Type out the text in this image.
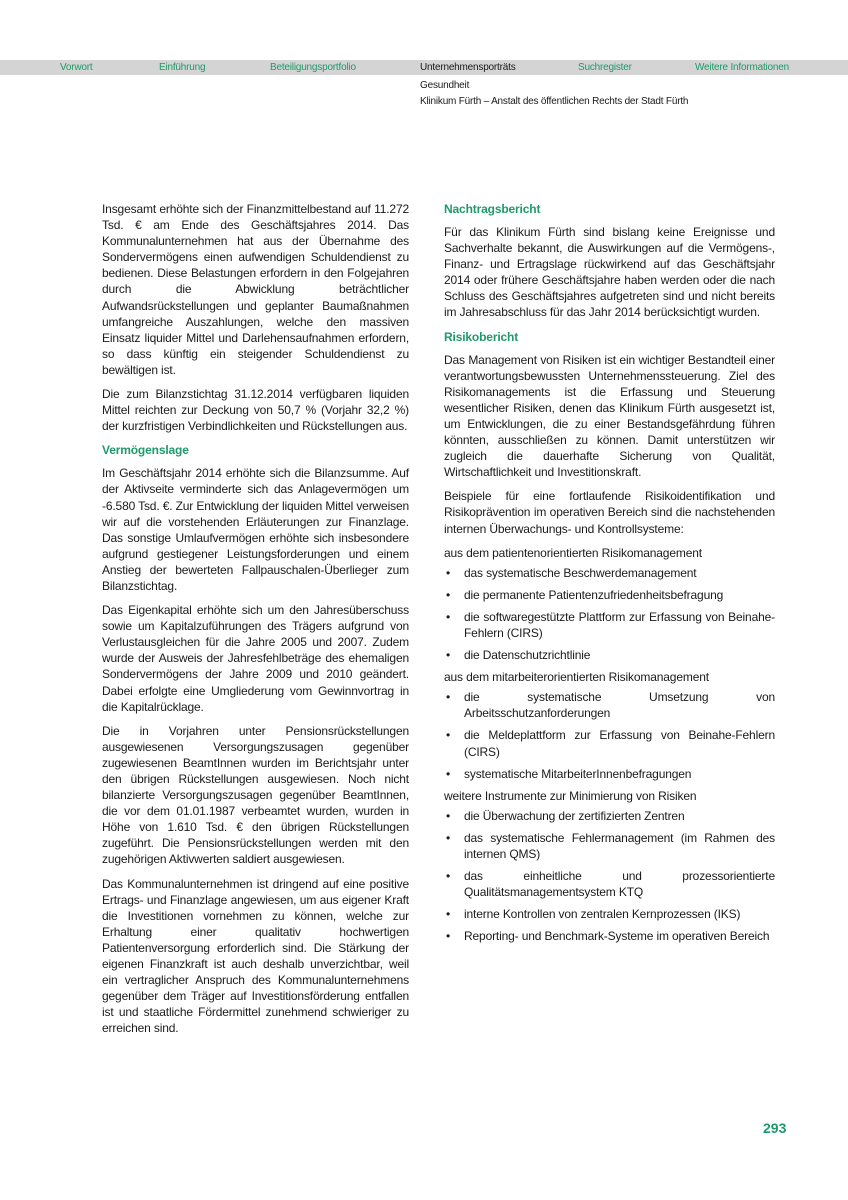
Vorwort	Einführung	Beteiligungsportfolio	Unternehmensporträts	Suchregister	Weitere Informationen
Gesundheit
Klinikum Fürth – Anstalt des öffentlichen Rechts der Stadt Fürth

Insgesamt erhöhte sich der Finanzmittelbestand auf 11.272 Tsd. € am Ende des Geschäftsjahres 2014. Das Kommunalunternehmen hat aus der Übernahme des Sondervermögens einen aufwendigen Schuldendienst zu bedienen. Diese Belastungen erfordern in den Folgejahren durch die Abwicklung beträchtlicher Aufwandsrückstellungen und geplanter Baumaßnahmen umfangreiche Auszahlungen, welche den massiven Einsatz liquider Mittel und Darlehensaufnahmen erfordern, so dass künftig ein steigender Schuldendienst zu bewältigen ist.

Die zum Bilanzstichtag 31.12.2014 verfügbaren liquiden Mittel reichten zur Deckung von 50,7 % (Vorjahr 32,2 %) der kurzfristigen Verbindlichkeiten und Rückstellungen aus.

Vermögenslage

Im Geschäftsjahr 2014 erhöhte sich die Bilanzsumme. Auf der Aktivseite verminderte sich das Anlagevermögen um -6.580 Tsd. €. Zur Entwicklung der liquiden Mittel verweisen wir auf die vorstehenden Erläuterungen zur Finanzlage. Das sonstige Umlaufvermögen erhöhte sich insbesondere aufgrund gestiegener Leistungsforderungen und einem Anstieg der bewerteten Fallpauschalen-Überlieger zum Bilanzstichtag.

Das Eigenkapital erhöhte sich um den Jahresüberschuss sowie um Kapitalzuführungen des Trägers aufgrund von Verlustausgleichen für die Jahre 2005 und 2007. Zudem wurde der Ausweis der Jahresfehlbeträge des ehemaligen Sondervermögens der Jahre 2009 und 2010 geändert. Dabei erfolgte eine Umgliederung vom Gewinnvortrag in die Kapitalrücklage.

Die in Vorjahren unter Pensionsrückstellungen ausgewiesenen Versorgungszusagen gegenüber zugewiesenen BeamtInnen wurden im Berichtsjahr unter den übrigen Rückstellungen ausgewiesen. Noch nicht bilanzierte Versorgungszusagen gegenüber BeamtInnen, die vor dem 01.01.1987 verbeamtet wurden, wurden in Höhe von 1.610 Tsd. € den übrigen Rückstellungen zugeführt. Die Pensionsrückstellungen werden mit den zugehörigen Aktivwerten saldiert ausgewiesen.

Das Kommunalunternehmen ist dringend auf eine positive Ertrags- und Finanzlage angewiesen, um aus eigener Kraft die Investitionen vornehmen zu können, welche zur Erhaltung einer qualitativ hochwertigen Patientenversorgung erforderlich sind. Die Stärkung der eigenen Finanzkraft ist auch deshalb unverzichtbar, weil ein vertraglicher Anspruch des Kommunalunternehmens gegenüber dem Träger auf Investitionsförderung entfallen ist und staatliche Fördermittel zunehmend schwieriger zu erreichen sind.

Nachtragsbericht

Für das Klinikum Fürth sind bislang keine Ereignisse und Sachverhalte bekannt, die Auswirkungen auf die Vermögens-, Finanz- und Ertragslage rückwirkend auf das Geschäftsjahr 2014 oder frühere Geschäftsjahre haben werden oder die nach Schluss des Geschäftsjahres aufgetreten sind und nicht bereits im Jahresabschluss für das Jahr 2014 berücksichtigt wurden.

Risikobericht

Das Management von Risiken ist ein wichtiger Bestandteil einer verantwortungsbewussten Unternehmenssteuerung. Ziel des Risikomanagements ist die Erfassung und Steuerung wesentlicher Risiken, denen das Klinikum Fürth ausgesetzt ist, um Entwicklungen, die zu einer Bestandsgefährdung führen könnten, ausschließen zu können. Damit unterstützen wir zugleich die dauerhafte Sicherung von Qualität, Wirtschaftlichkeit und Investitionskraft.

Beispiele für eine fortlaufende Risikoidentifikation und Risikoprävention im operativen Bereich sind die nachstehenden internen Überwachungs- und Kontrollsysteme:

aus dem patientenorientierten Risikomanagement

• das systematische Beschwerdemanagement
• die permanente Patientenzufriedenheitsbefragung
• die softwaregestützte Plattform zur Erfassung von Beinahe-Fehlern (CIRS)
• die Datenschutzrichtlinie

aus dem mitarbeiterorientierten Risikomanagement

• die systematische Umsetzung von Arbeitsschutzanforderungen
• die Meldeplattform zur Erfassung von Beinahe-Fehlern (CIRS)
• systematische MitarbeiterInnenbefragungen

weitere Instrumente zur Minimierung von Risiken

• die Überwachung der zertifizierten Zentren
• das systematische Fehlermanagement (im Rahmen des internen QMS)
• das einheitliche und prozessorientierte Qualitätsmanagementsystem KTQ
• interne Kontrollen von zentralen Kernprozessen (IKS)
• Reporting- und Benchmark-Systeme im operativen Bereich
293
